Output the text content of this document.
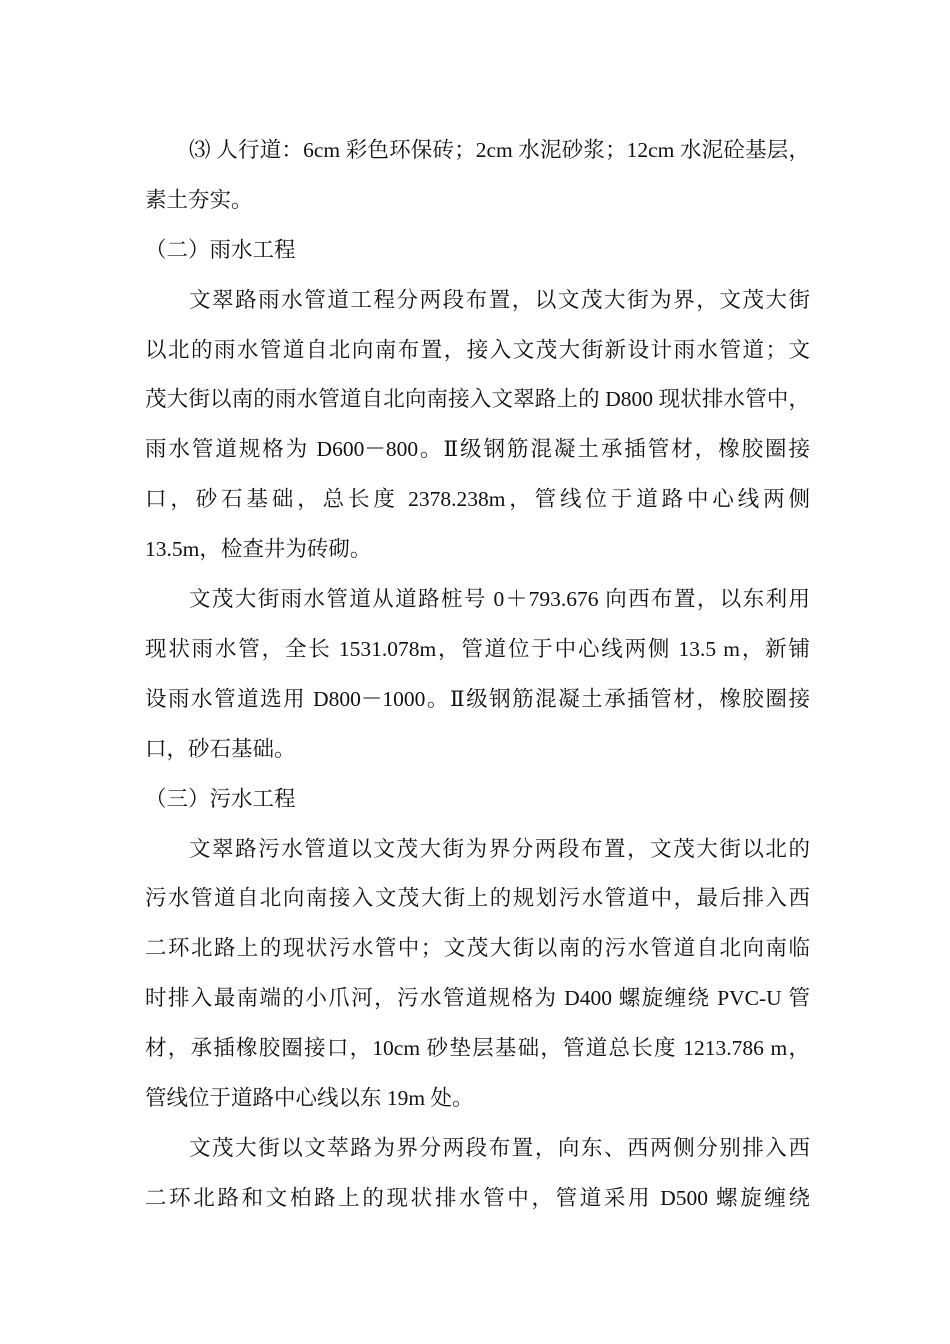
⑶ 人行道：6cm 彩色环保砖；2cm 水泥砂浆；12cm 水泥砼基层，
素土夯实。
（二）雨水工程
文翠路雨水管道工程分两段布置，以文茂大街为界，文茂大街
以北的雨水管道自北向南布置，接入文茂大街新设计雨水管道；文
茂大街以南的雨水管道自北向南接入文翠路上的 D800 现状排水管中，
雨水管道规格为 D600－800。Ⅱ级钢筋混凝土承插管材，橡胶圈接
口，砂石基础，总长度 2378.238m，管线位于道路中心线两侧
13.5m，检查井为砖砌。
文茂大街雨水管道从道路桩号 0＋793.676 向西布置，以东利用
现状雨水管，全长 1531.078m，管道位于中心线两侧 13.5 m，新铺
设雨水管道选用 D800－1000。Ⅱ级钢筋混凝土承插管材，橡胶圈接
口，砂石基础。
（三）污水工程
文翠路污水管道以文茂大街为界分两段布置，文茂大街以北的
污水管道自北向南接入文茂大街上的规划污水管道中，最后排入西
二环北路上的现状污水管中；文茂大街以南的污水管道自北向南临
时排入最南端的小爪河，污水管道规格为 D400 螺旋缠绕 PVC-U 管
材，承插橡胶圈接口，10cm 砂垫层基础，管道总长度 1213.786 m，
管线位于道路中心线以东 19m 处。
文茂大街以文萃路为界分两段布置，向东、西两侧分别排入西
二环北路和文柏路上的现状排水管中，管道采用 D500 螺旋缠绕
